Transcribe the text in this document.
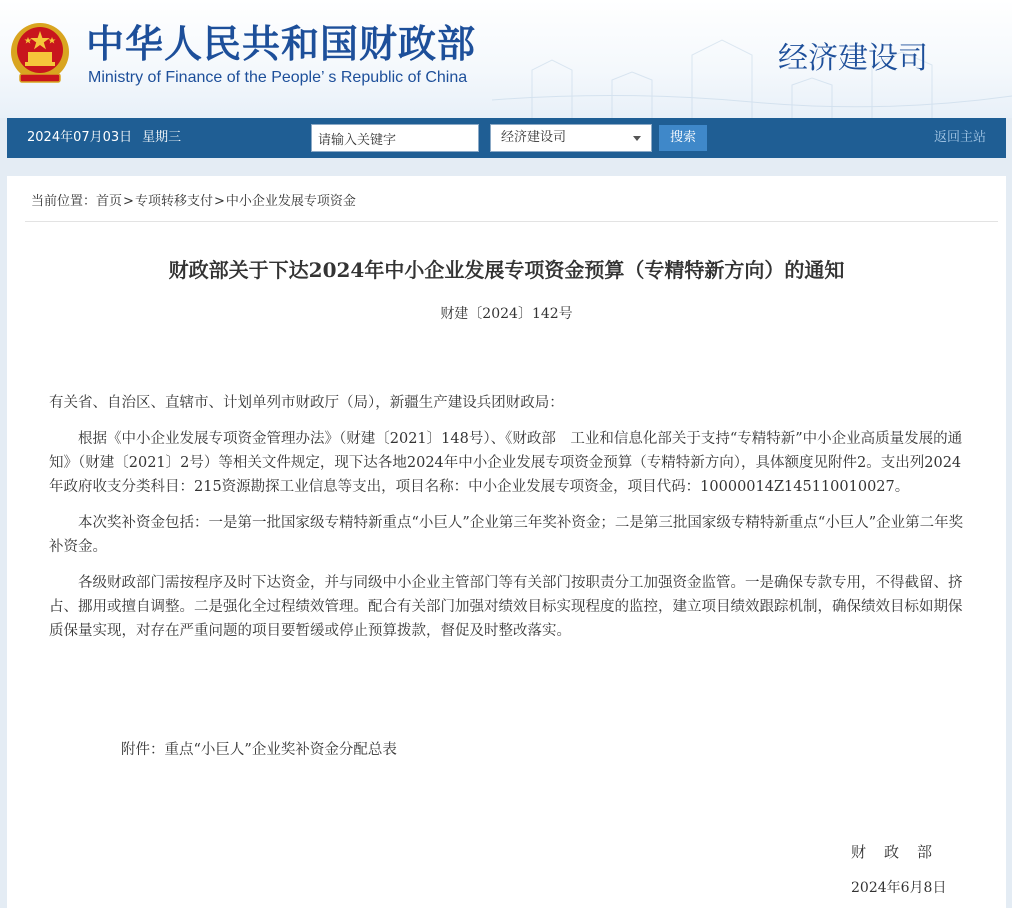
中华人民共和国财政部
Ministry of Finance of the People’ s Republic of China
经济建设司
2024年07月03日 星期三
请输入关键字	经济建设司	搜索	返回主站
当前位置：首页>专项转移支付>中小企业发展专项资金
财政部关于下达2024年中小企业发展专项资金预算（专精特新方向）的通知
财建〔2024〕142号

有关省、自治区、直辖市、计划单列市财政厅（局），新疆生产建设兵团财政局：

根据《中小企业发展专项资金管理办法》（财建〔2021〕148号）、《财政部　工业和信息化部关于支持“专精特新”中小企业高质量发展的通知》（财建〔2021〕2号）等相关文件规定，现下达各地2024年中小企业发展专项资金预算（专精特新方向），具体额度见附件2。支出列2024年政府收支分类科目：215资源勘探工业信息等支出，项目名称：中小企业发展专项资金，项目代码：10000014Z145110010027。

本次奖补资金包括：一是第一批国家级专精特新重点“小巨人”企业第三年奖补资金；二是第三批国家级专精特新重点“小巨人”企业第二年奖补资金。

各级财政部门需按程序及时下达资金，并与同级中小企业主管部门等有关部门按职责分工加强资金监管。一是确保专款专用，不得截留、挤占、挪用或擅自调整。二是强化全过程绩效管理。配合有关部门加强对绩效目标实现程度的监控，建立项目绩效跟踪机制，确保绩效目标如期保质保量实现，对存在严重问题的项目要暂缓或停止预算拨款，督促及时整改落实。

附件：重点“小巨人”企业奖补资金分配总表
财政部
2024年6月8日
